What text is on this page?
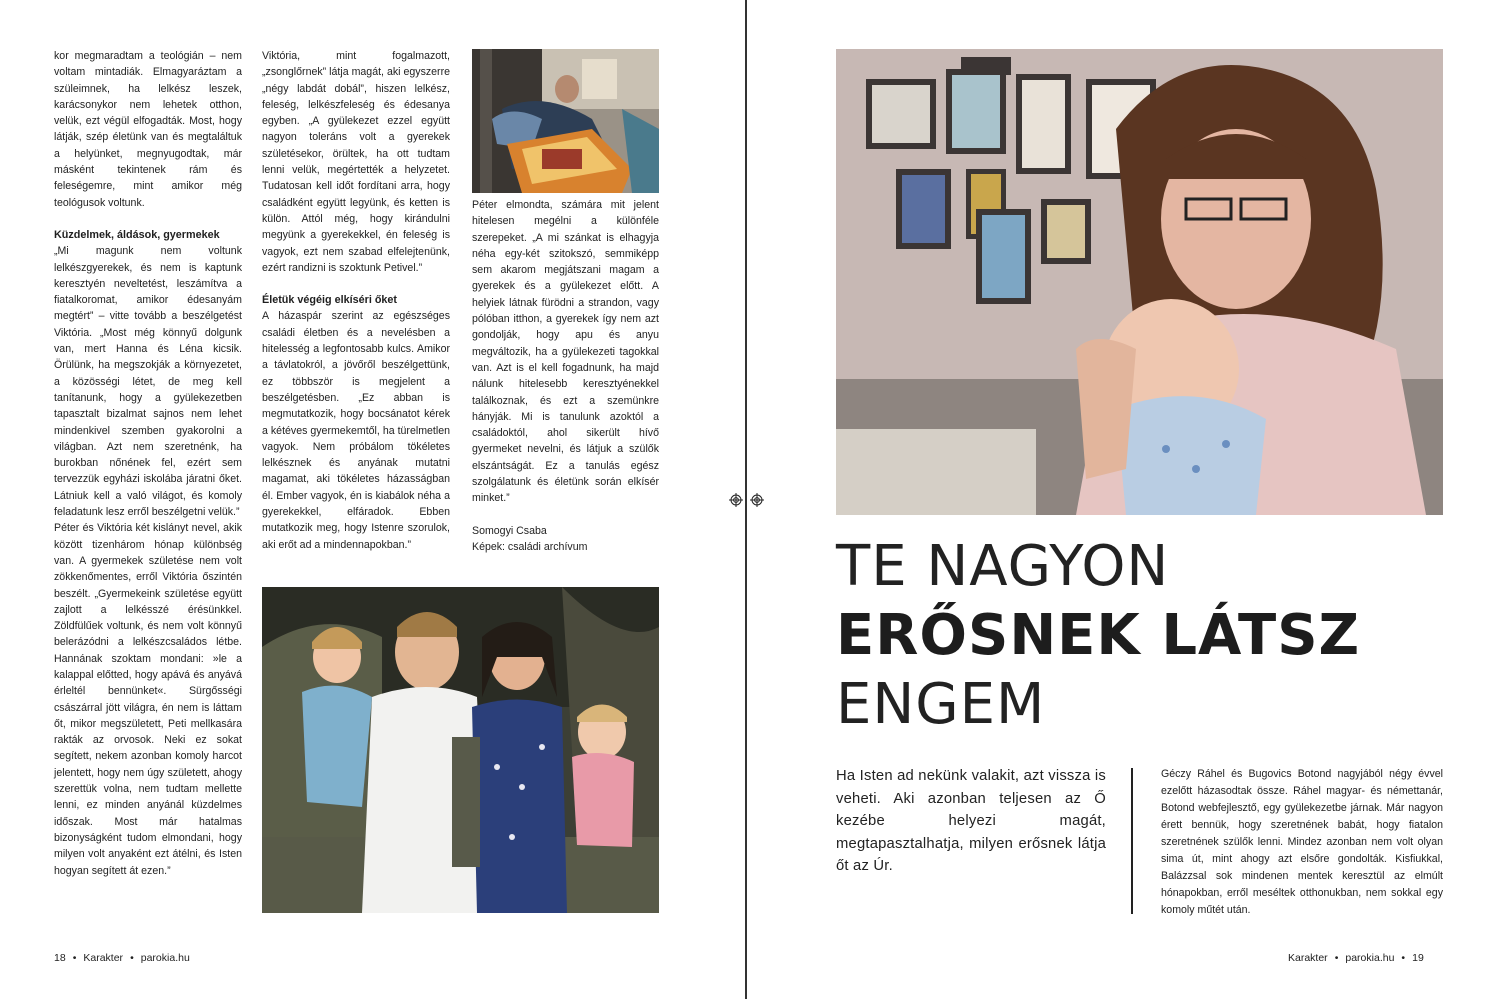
kor megmaradtam a teológián – nem voltam mintadiák. Elmagyaráztam a szüleimnek, ha lelkész leszek, karácsonykor nem lehetek otthon, velük, ezt végül elfogadták. Most, hogy látják, szép életünk van és megtaláltuk a helyünket, megnyugodtak, már másként tekintenek rám és feleségemre, mint amikor még teológusok voltunk.

Küzdelmek, áldások, gyermekek

„Mi magunk nem voltunk lelkészgyerekek, és nem is kaptunk keresztyén neveltetést, leszámítva a fiatalkoromat, amikor édesanyám megtért” – vitte tovább a beszélgetést Viktória. „Most még könnyű dolgunk van, mert Hanna és Léna kicsik. Örülünk, ha megszokják a környezetet, a közösségi létet, de meg kell tanítanunk, hogy a gyülekezetben tapasztalt bizalmat sajnos nem lehet mindenkivel szemben gyakorolni a világban. Azt nem szeretnénk, ha burokban nőnének fel, ezért sem tervezzük egyházi iskolába járatni őket. Látniuk kell a való világot, és komoly feladatunk lesz erről beszélgetni velük.”

Péter és Viktória két kislányt nevel, akik között tizenhárom hónap különbség van. A gyermekek születése nem volt zökkenőmentes, erről Viktória őszintén beszélt. „Gyermekeink születése együtt zajlott a lelkésszé érésünkkel. Zöldfülűek voltunk, és nem volt könnyű belerázódni a lelkészcsaládos létbe. Hannának szoktam mondani: »le a kalappal előtted, hogy apává és anyává érleltél bennünket«. Sürgősségi császárral jött világra, én nem is láttam őt, mikor megszületett, Peti mellkasára rakták az orvosok. Neki ez sokat segített, nekem azonban komoly harcot jelentett, hogy nem úgy született, ahogy szerettük volna, nem tudtam mellette lenni, ez minden anyánál küzdelmes időszak. Most már hatalmas bizonyságként tudom elmondani, hogy milyen volt anyaként ezt átélni, és Isten hogyan segített át ezen.”

Viktória, mint fogalmazott, „zsonglőrnek” látja magát, aki egyszerre „négy labdát dobál”, hiszen lelkész, feleség, lelkészfeleség és édesanya egyben. „A gyülekezet ezzel együtt nagyon toleráns volt a gyerekek születésekor, örültek, ha ott tudtam lenni velük, megértették a helyzetet. Tudatosan kell időt fordítani arra, hogy családként együtt legyünk, és ketten is külön. Attól még, hogy kirándulni megyünk a gyerekekkel, én feleség is vagyok, ezt nem szabad elfelejtenünk, ezért randizni is szoktunk Petivel.”

Életük végéig elkíséri őket

A házaspár szerint az egészséges családi életben és a nevelésben a hitelesség a legfontosabb kulcs. Amikor a távlatokról, a jövőről beszélgettünk, ez többször is megjelent a beszélgetésben. „Ez abban is megmutatkozik, hogy bocsánatot kérek a kétéves gyermekemtől, ha türelmetlen vagyok. Nem próbálom tökéletes lelkésznek és anyának mutatni magamat, aki tökéletes házasságban él. Ember vagyok, én is kiabálok néha a gyerekekkel, elfáradok. Ebben mutatkozik meg, hogy Istenre szorulok, aki erőt ad a mindennapokban.”

Péter elmondta, számára mit jelent hitelesen megélni a különféle szerepeket. „A mi szánkat is elhagyja néha egy-két szitokszó, semmiképp sem akarom megjátszani magam a gyerekek és a gyülekezet előtt. A helyiek látnak fürödni a strandon, vagy pólóban itthon, a gyerekek így nem azt gondolják, hogy apu és anyu megváltozik, ha a gyülekezeti tagokkal van. Azt is el kell fogadnunk, ha majd nálunk hitelesebb keresztyénekkel találkoznak, és ezt a szemünkre hányják. Mi is tanulunk azoktól a családoktól, ahol sikerült hívő gyermeket nevelni, és látjuk a szülők elszántságát. Ez a tanulás egész szolgálatunk és életünk során elkísér minket.”

Somogyi Csaba

Képek: családi archívum

18 • Karakter • parokia.hu
TE NAGYON
ERŐSNEK LÁTSZ
ENGEM

Ha Isten ad nekünk valakit, azt vissza is veheti. Aki azonban teljesen az Ő kezébe helyezi magát, megtapasztalhatja, milyen erősnek látja őt az Úr.

Géczy Ráhel és Bugovics Botond nagyjából négy évvel ezelőtt házasodtak össze. Ráhel magyar- és némettanár, Botond webfejlesztő, egy gyülekezetbe járnak. Már nagyon érett bennük, hogy szeretnének babát, hogy fiatalon szeretnének szülők lenni. Mindez azonban nem volt olyan sima út, mint ahogy azt elsőre gondolták. Kisfiukkal, Balázzsal sok mindenen mentek keresztül az elmúlt hónapokban, erről meséltek otthonukban, nem sokkal egy komoly műtét után.

Karakter • parokia.hu • 19
